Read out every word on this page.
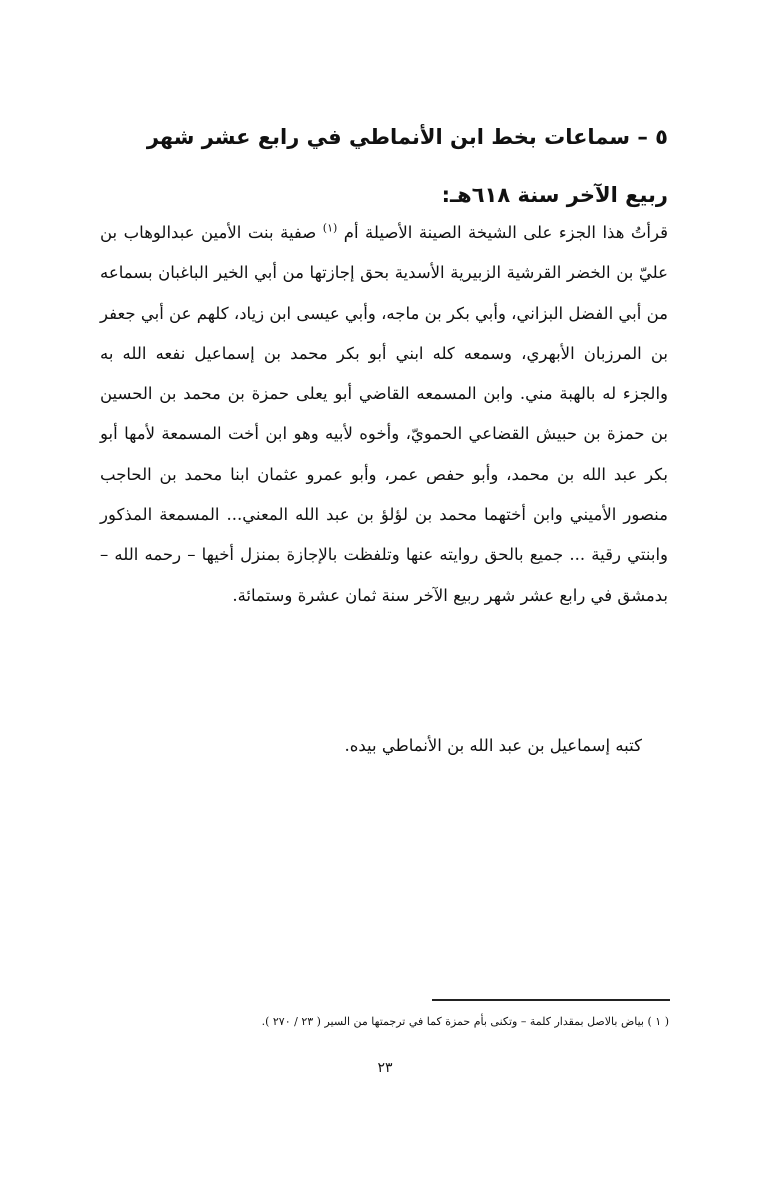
٥ – سماعات بخط ابن الأنماطي في رابع عشر شهر ربيع الآخر سنة ٦١٨هـ:
قرأتُ هذا الجزء على الشيخة الصينة الأصيلة أم $^{(١)}$ صفية بنت الأمين عبدالوهاب بن عليّ بن الخضر القرشية الزبيرية الأسدية بحق إجازتها من أبي الخير الباغبان بسماعه من أبي الفضل البزاني، وأبي بكر بن ماجه، وأبي عيسى ابن زياد، كلهم عن أبي جعفر بن المرزبان الأبهري، وسمعه كله ابني أبو بكر محمد بن إسماعيل نفعه الله به والجزء له بالهبة مني. وابن المسمعه القاضي أبو يعلى حمزة بن محمد بن الحسين بن حمزة بن حبيش القضاعي الحمويّ، وأخوه لأبيه وهو ابن أخت المسمعة لأمها أبو بكر عبد الله بن محمد، وأبو حفص عمر، وأبو عمرو عثمان ابنا محمد بن الحاجب منصور الأميني وابن أختهما محمد بن لؤلؤ بن عبد الله المعني... المسمعة المذكور وابنتي رقية ... جميع بالحق روايته عنها وتلفظت بالإجازة بمنزل أخيها – رحمه الله – بدمشق في رابع عشر شهر ربيع الآخر سنة ثمان عشرة وستمائة.
كتبه إسماعيل بن عبد الله بن الأنماطي بيده.
( ١ ) بياض بالاصل بمقدار كلمة – وتكنى بأم حمزة كما في ترجمتها من السير ( ٢٣ / ٢٧٠ ).
٢٣
